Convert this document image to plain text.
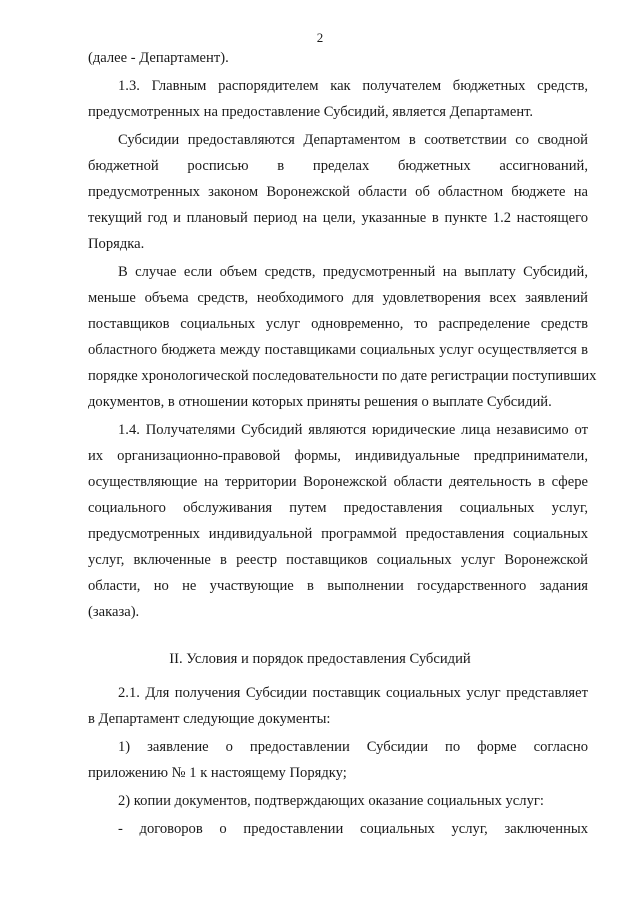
2
(далее - Департамент).
1.3. Главным распорядителем как получателем бюджетных средств,
предусмотренных на предоставление Субсидий, является Департамент.
Субсидии предоставляются Департаментом в соответствии со сводной
бюджетной росписью в пределах бюджетных ассигнований,
предусмотренных законом Воронежской области об областном бюджете на
текущий год и плановый период на цели, указанные в пункте 1.2 настоящего
Порядка.
В случае если объем средств, предусмотренный на выплату Субсидий,
меньше объема средств, необходимого для удовлетворения всех заявлений
поставщиков социальных услуг одновременно, то распределение средств
областного бюджета между поставщиками социальных услуг осуществляется в
порядке хронологической последовательности по дате регистрации поступивших
документов, в отношении которых приняты решения о выплате Субсидий.
1.4. Получателями Субсидий являются юридические лица независимо от
их организационно-правовой формы, индивидуальные предприниматели,
осуществляющие на территории Воронежской области деятельность в сфере
социального обслуживания путем предоставления социальных услуг,
предусмотренных индивидуальной программой предоставления социальных
услуг, включенные в реестр поставщиков социальных услуг Воронежской
области, но не участвующие в выполнении государственного задания
(заказа).
II. Условия и порядок предоставления Субсидий
2.1. Для получения Субсидии поставщик социальных услуг представляет
в Департамент следующие документы:
1) заявление о предоставлении Субсидии по форме согласно
приложению № 1 к настоящему Порядку;
2) копии документов, подтверждающих оказание социальных услуг:
- договоров о предоставлении социальных услуг, заключенных
